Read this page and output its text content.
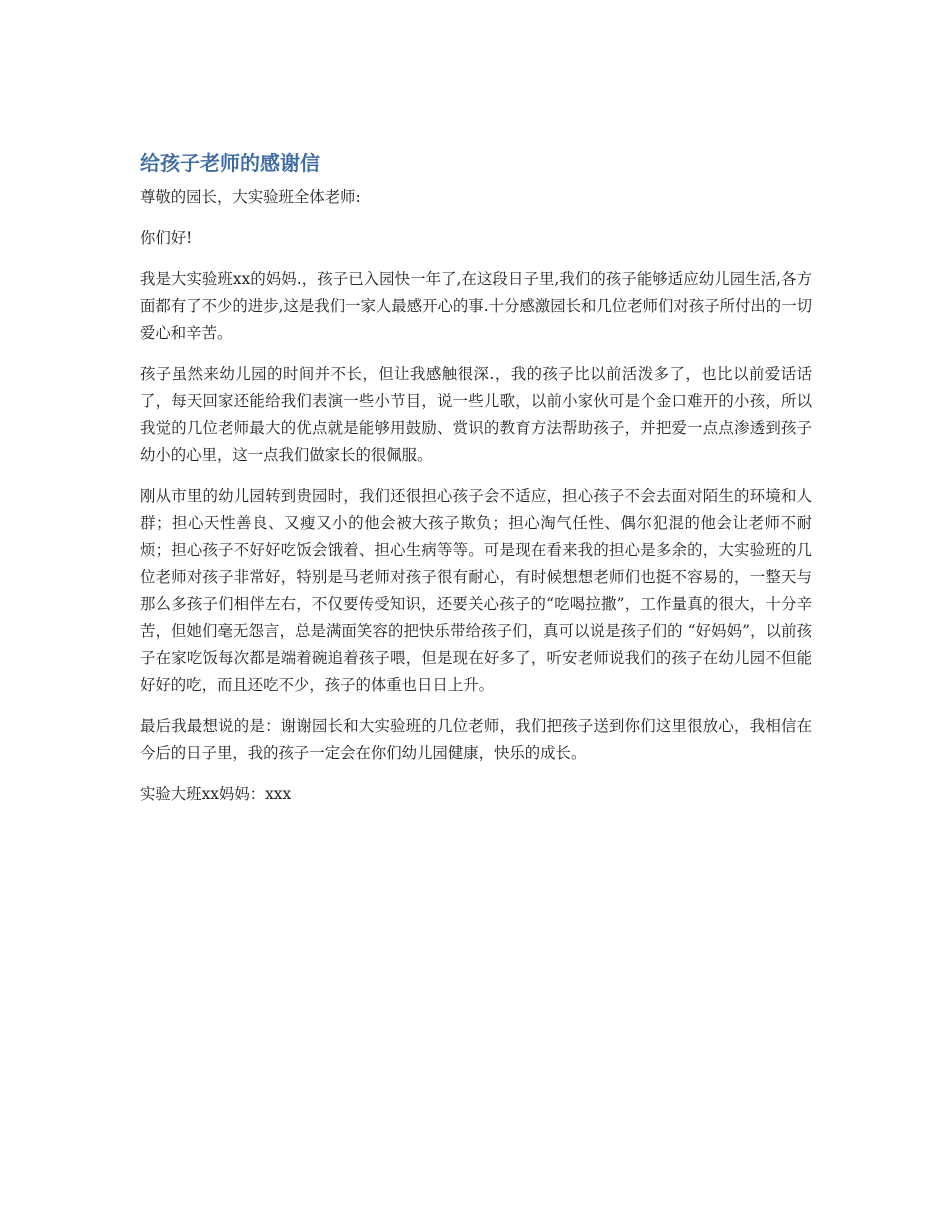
给孩子老师的感谢信

尊敬的园长，大实验班全体老师:

你们好!

我是大实验班xx的妈妈.，孩子已入园快一年了,在这段日子里,我们的孩子能够适应幼儿园生活,各方面都有了不少的进步,这是我们一家人最感开心的事.十分感激园长和几位老师们对孩子所付出的一切爱心和辛苦。

孩子虽然来幼儿园的时间并不长，但让我感触很深.，我的孩子比以前活泼多了，也比以前爱话话了，每天回家还能给我们表演一些小节目，说一些儿歌，以前小家伙可是个金口难开的小孩，所以我觉的几位老师最大的优点就是能够用鼓励、赏识的教育方法帮助孩子，并把爱一点点渗透到孩子幼小的心里，这一点我们做家长的很佩服。

刚从市里的幼儿园转到贵园时，我们还很担心孩子会不适应，担心孩子不会去面对陌生的环境和人群；担心天性善良、又瘦又小的他会被大孩子欺负；担心淘气任性、偶尔犯混的他会让老师不耐烦；担心孩子不好好吃饭会饿着、担心生病等等。可是现在看来我的担心是多余的，大实验班的几位老师对孩子非常好，特别是马老师对孩子很有耐心，有时候想想老师们也挺不容易的，一整天与那么多孩子们相伴左右，不仅要传受知识，还要关心孩子的“吃喝拉撒”，工作量真的很大，十分辛苦，但她们毫无怨言，总是满面笑容的把快乐带给孩子们，真可以说是孩子们的 “好妈妈”，以前孩子在家吃饭每次都是端着碗追着孩子喂，但是现在好多了，听安老师说我们的孩子在幼儿园不但能好好的吃，而且还吃不少，孩子的体重也日日上升。

最后我最想说的是：谢谢园长和大实验班的几位老师，我们把孩子送到你们这里很放心，我相信在今后的日子里，我的孩子一定会在你们幼儿园健康，快乐的成长。

实验大班xx妈妈：xxx
